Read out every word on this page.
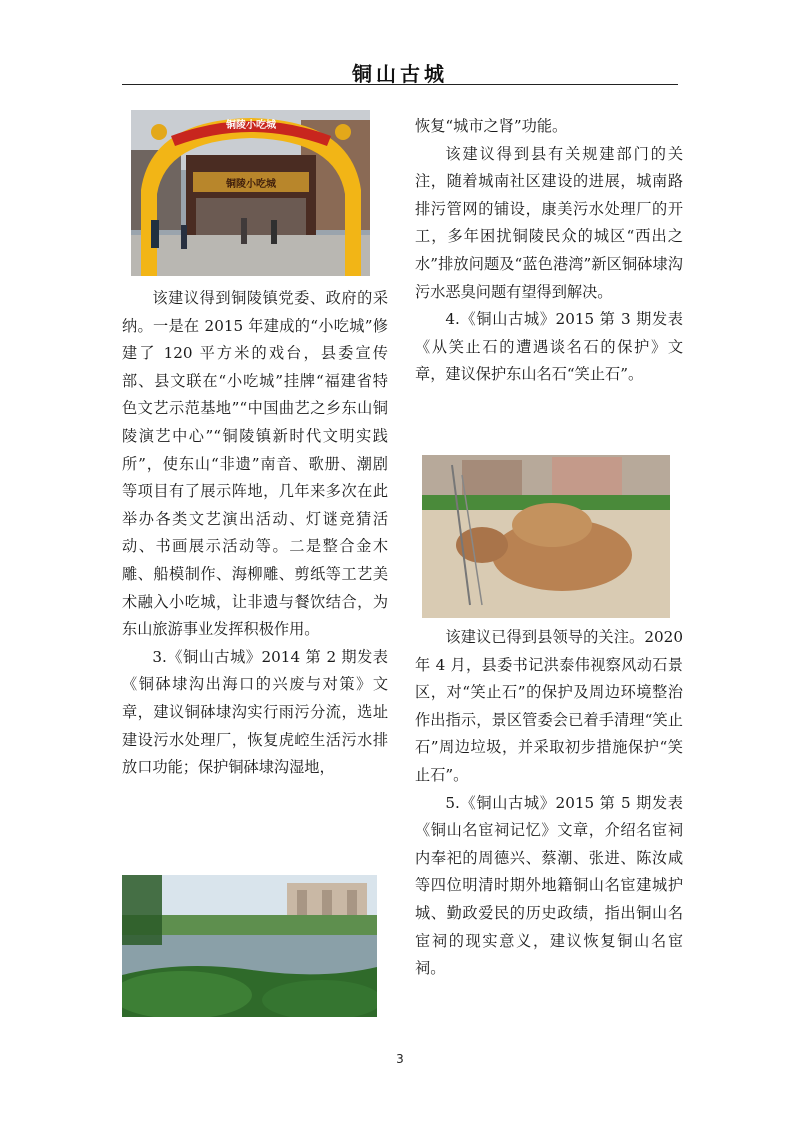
铜山古城
铜陵小吃城
铜陵小吃城

该建议得到铜陵镇党委、政府的采纳。一是在 2015 年建成的“小吃城”修建了 120 平方米的戏台，县委宣传部、县文联在“小吃城”挂牌“福建省特色文艺示范基地”“中国曲艺之乡东山铜陵演艺中心”“铜陵镇新时代文明实践所”，使东山“非遗”南音、歌册、潮剧等项目有了展示阵地，几年来多次在此举办各类文艺演出活动、灯谜竞猜活动、书画展示活动等。二是整合金木雕、船模制作、海柳雕、剪纸等工艺美术融入小吃城，让非遗与餐饮结合，为东山旅游事业发挥积极作用。

3.《铜山古城》2014 第 2 期发表《铜砵埭沟出海口的兴废与对策》文章，建议铜砵埭沟实行雨污分流，选址建设污水处理厂，恢复虎崆生活污水排放口功能；保护铜砵埭沟湿地，

恢复“城市之肾”功能。

该建议得到县有关规建部门的关注，随着城南社区建设的进展，城南路排污管网的铺设，康美污水处理厂的开工，多年困扰铜陵民众的城区“西出之水”排放问题及“蓝色港湾”新区铜砵埭沟污水恶臭问题有望得到解决。

4.《铜山古城》2015 第 3 期发表《从笑止石的遭遇谈名石的保护》文章，建议保护东山名石“笑止石”。

该建议已得到县领导的关注。2020 年 4 月，县委书记洪泰伟视察风动石景区，对“笑止石”的保护及周边环境整治作出指示，景区管委会已着手清理“笑止石”周边垃圾，并采取初步措施保护“笑止石”。

5.《铜山古城》2015 第 5 期发表《铜山名宦祠记忆》文章，介绍名宦祠内奉祀的周德兴、蔡潮、张进、陈汝咸等四位明清时期外地籍铜山名宦建城护城、勤政爱民的历史政绩，指出铜山名宦祠的现实意义，建议恢复铜山名宦祠。

3
